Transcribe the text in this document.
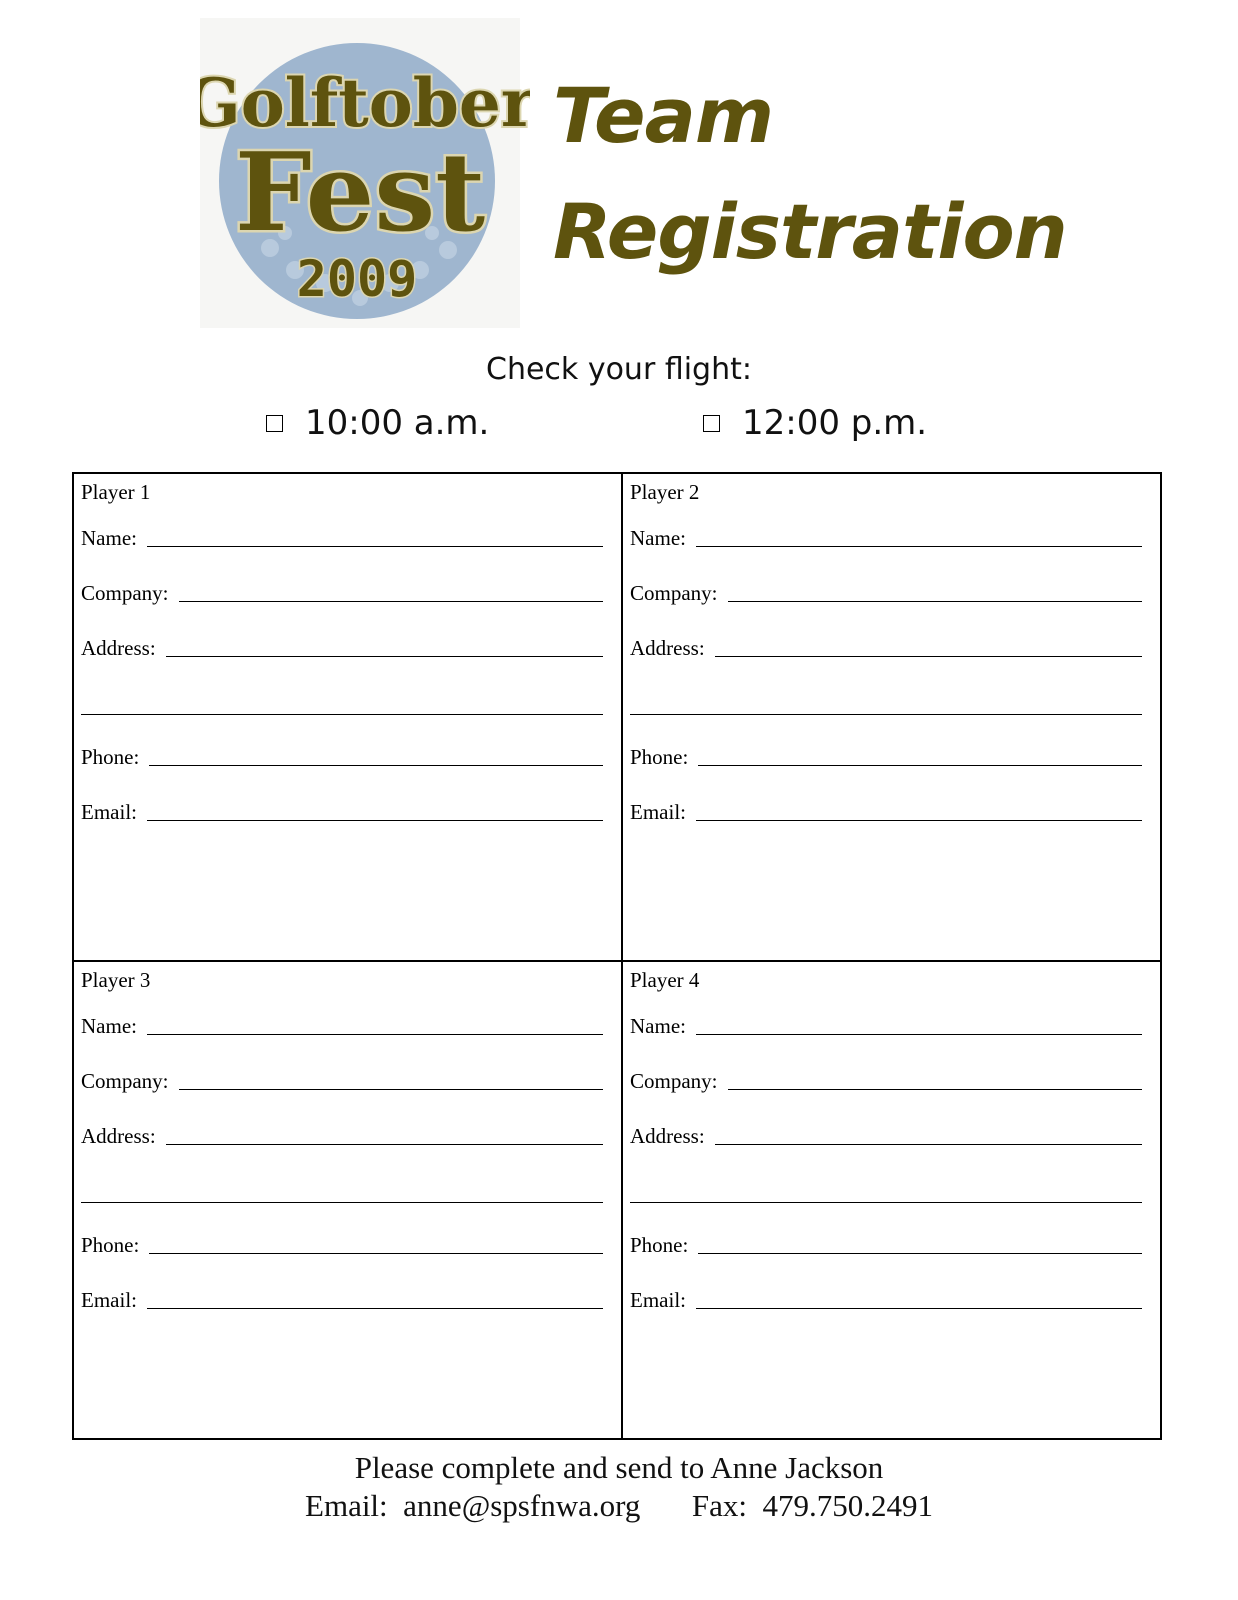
Golftober
Fest
2009
Team
Registration
Check your flight:
10:00 a.m.	12:00 p.m.
Player 1
Name:
Company:
Address:
Phone:
Email:
Player 2
Name:
Company:
Address:
Phone:
Email:
Player 3
Name:
Company:
Address:
Phone:
Email:
Player 4
Name:
Company:
Address:
Phone:
Email:
Please complete and send to Anne Jackson
Email: anne@spsfnwa.org Fax: 479.750.2491
